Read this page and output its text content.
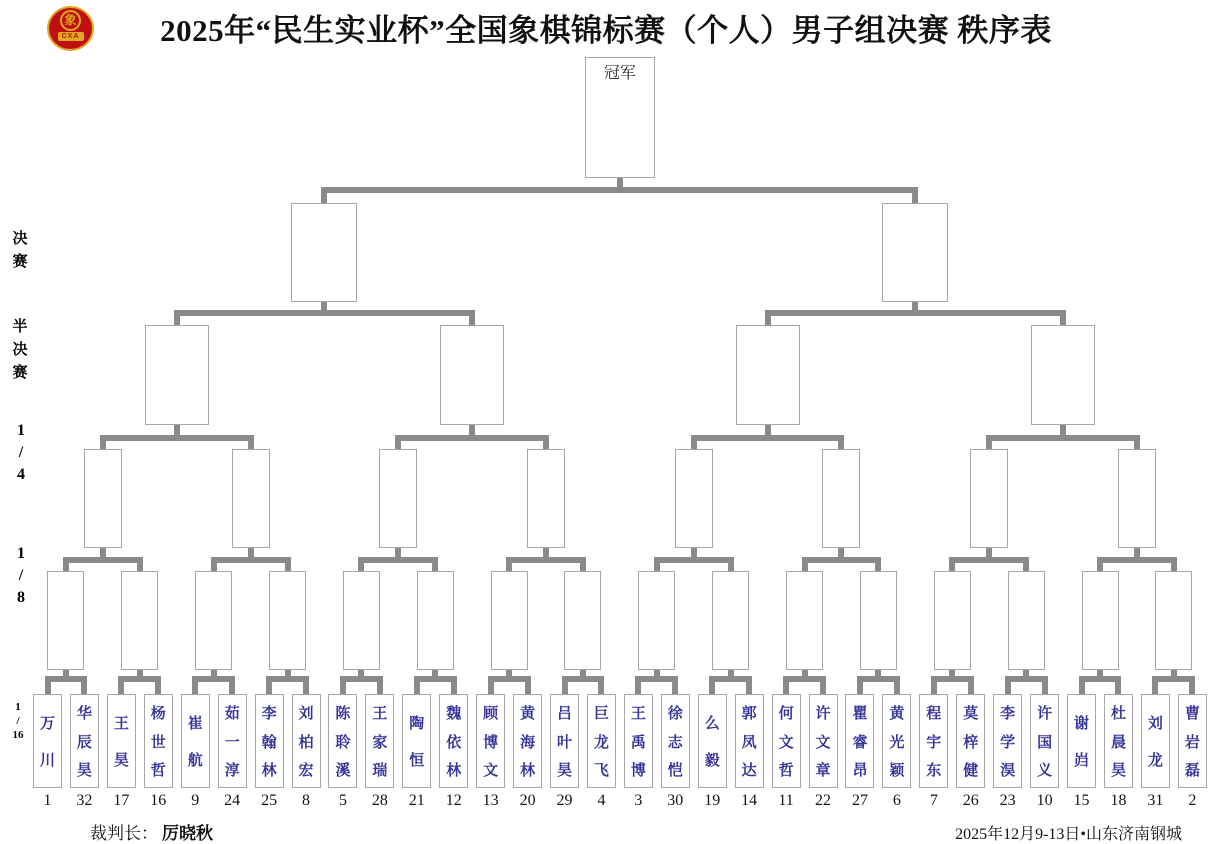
象
CXA	2025年“民生实业杯”全国象棋锦标赛（个人）男子组决赛 秩序表
万
川
1
华
辰
昊
32
王
昊
17
杨
世
哲
16
崔
航
9
茹
一
淳
24
李
翰
林
25
刘
柏
宏
8
陈
聆
溪
5
王
家
瑞
28
陶
恒
21
魏
依
林
12
顾
博
文
13
黄
海
林
20
吕
叶
昊
29
巨
龙
飞
4
王
禹
博
3
徐
志
恺
30
么
毅
19
郭
凤
达
14
何
文
哲
11
许
文
章
22
瞿
睿
昂
27
黄
光
颖
6
程
宇
东
7
莫
梓
健
26
李
学
淏
23
许
国
义
10
谢
岿
15
杜
晨
昊
18
刘
龙
31
曹
岩
磊
2
冠军
决
赛
半
决
赛
1
/
4
1
/
8
1
/
16
裁判长： 厉晓秋	2025年12月9-13日•山东济南钢城
